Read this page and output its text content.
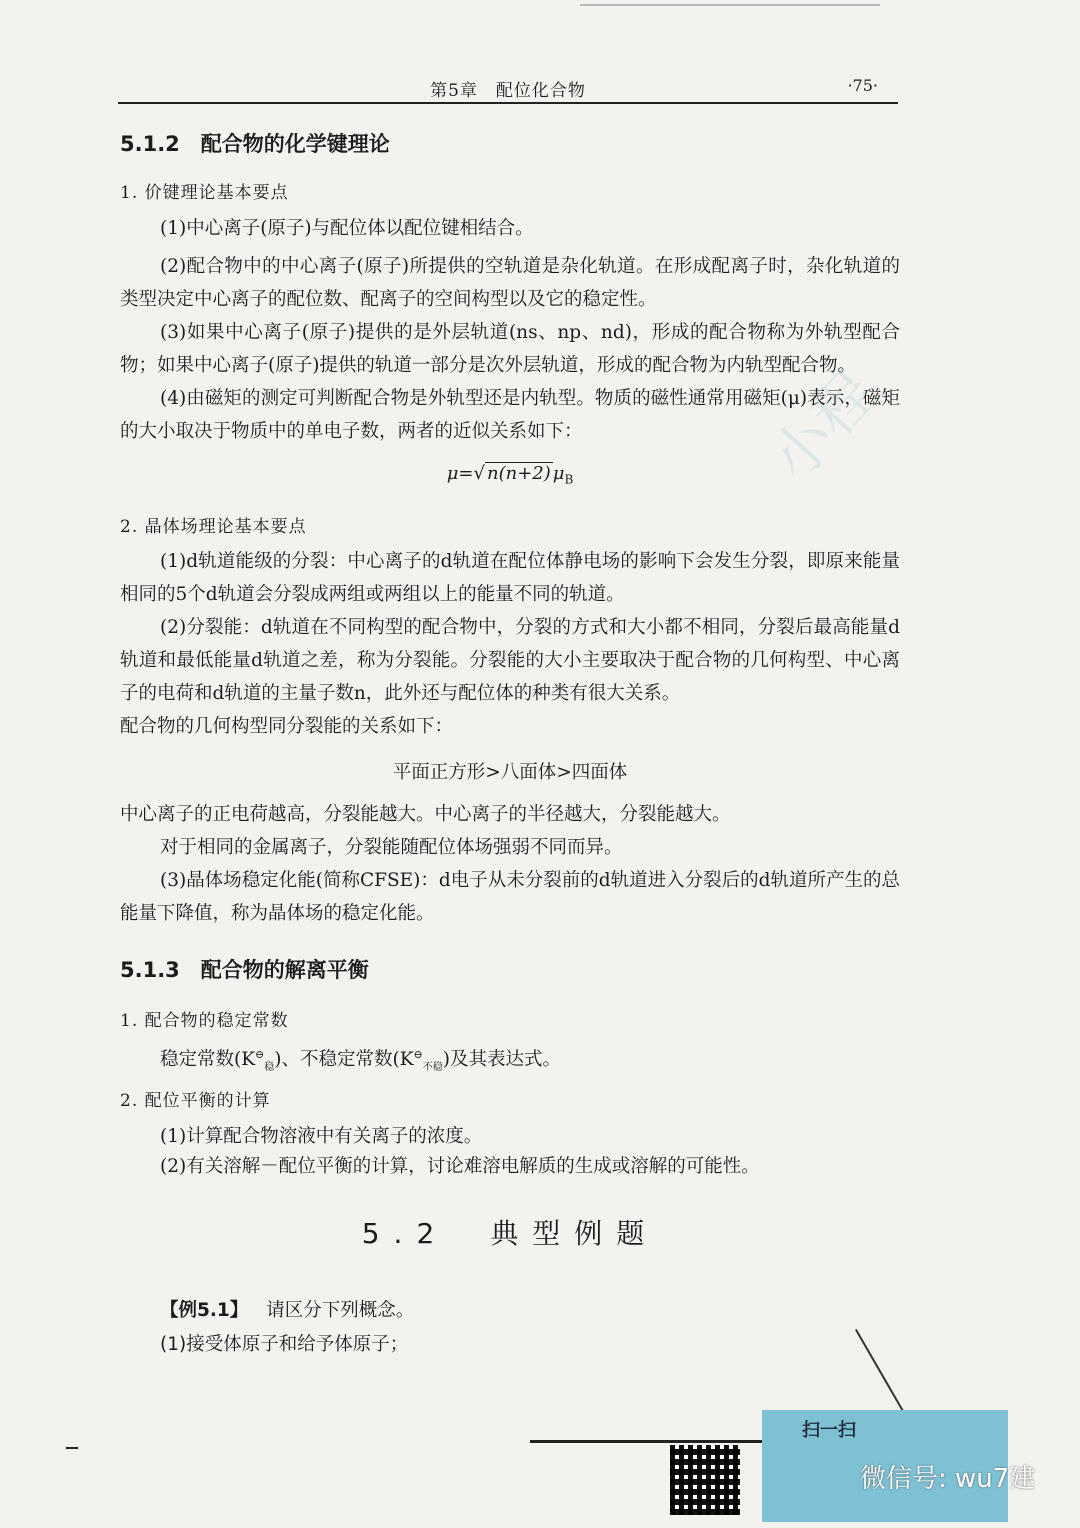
第5章　配位化合物	·75·
小程
5.1.2　配合物的化学键理论
1. 价键理论基本要点
(1)中心离子(原子)与配位体以配位键相结合。
(2)配合物中的中心离子(原子)所提供的空轨道是杂化轨道。在形成配离子时，杂化轨道的类型决定中心离子的配位数、配离子的空间构型以及它的稳定性。
(3)如果中心离子(原子)提供的是外层轨道(ns、np、nd)，形成的配合物称为外轨型配合物；如果中心离子(原子)提供的轨道一部分是次外层轨道，形成的配合物为内轨型配合物。
(4)由磁矩的测定可判断配合物是外轨型还是内轨型。物质的磁性通常用磁矩(μ)表示，磁矩的大小取决于物质中的单电子数，两者的近似关系如下：
μ=√ n(n+2) $\mu_B$
2. 晶体场理论基本要点
(1)d轨道能级的分裂：中心离子的d轨道在配位体静电场的影响下会发生分裂，即原来能量相同的5个d轨道会分裂成两组或两组以上的能量不同的轨道。
(2)分裂能：d轨道在不同构型的配合物中，分裂的方式和大小都不相同，分裂后最高能量d轨道和最低能量d轨道之差，称为分裂能。分裂能的大小主要取决于配合物的几何构型、中心离子的电荷和d轨道的主量子数n，此外还与配位体的种类有很大关系。
配合物的几何构型同分裂能的关系如下：
平面正方形>八面体>四面体
中心离子的正电荷越高，分裂能越大。中心离子的半径越大，分裂能越大。
对于相同的金属离子，分裂能随配位体场强弱不同而异。
(3)晶体场稳定化能(简称CFSE)：d电子从未分裂前的d轨道进入分裂后的d轨道所产生的总能量下降值，称为晶体场的稳定化能。
5.1.3　配合物的解离平衡
1. 配合物的稳定常数
稳定常数$(K^⊖_稳)$、不稳定常数$(K^⊖_{不稳})$及其表达式。
2. 配位平衡的计算
(1)计算配合物溶液中有关离子的浓度。
(2)有关溶解－配位平衡的计算，讨论难溶电解质的生成或溶解的可能性。
5.2　典型例题
【例5.1】 请区分下列概念。
(1)接受体原子和给予体原子；
扫一扫
微信号: wu7建
